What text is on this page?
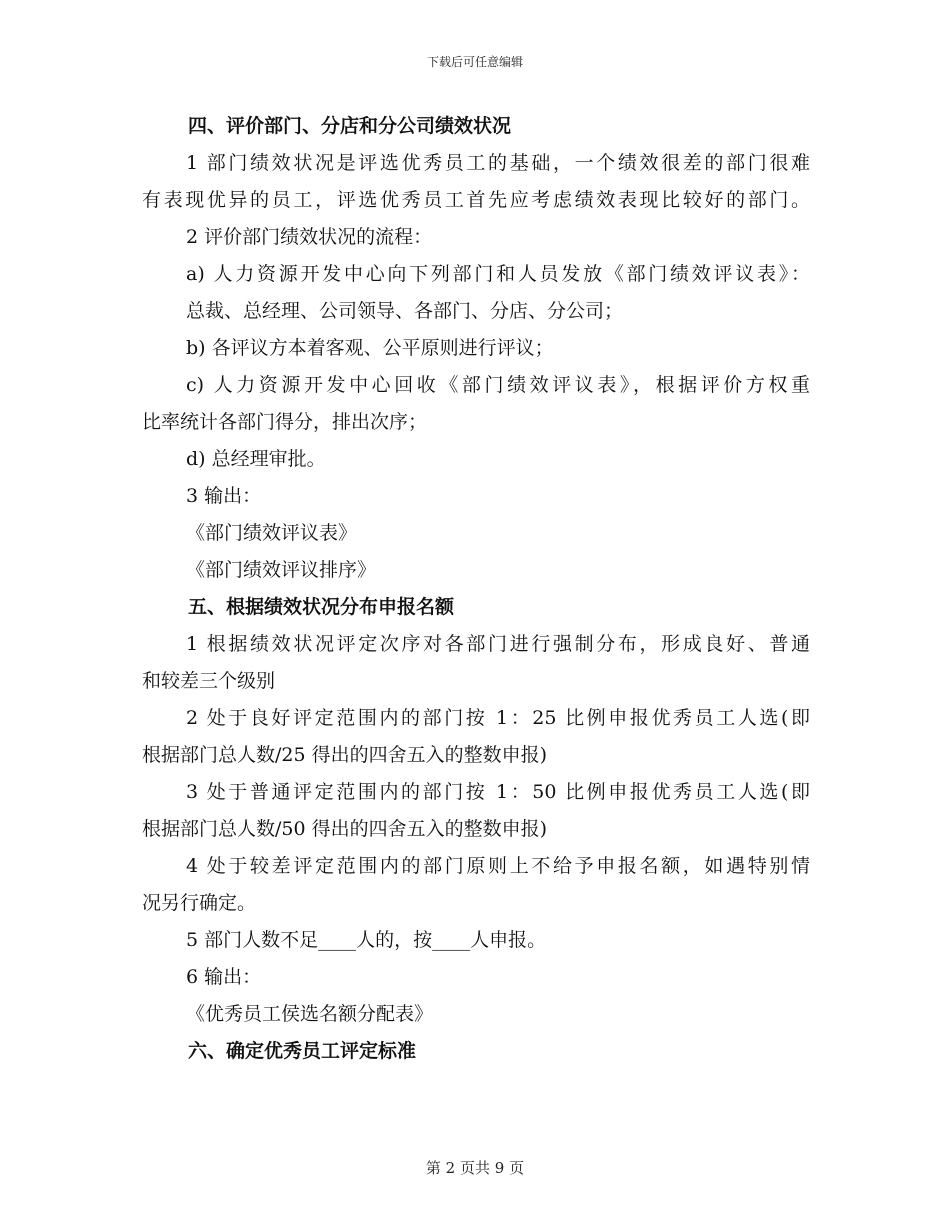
下载后可任意编辑
四、评价部门、分店和分公司绩效状况
1 部门绩效状况是评选优秀员工的基础，一个绩效很差的部门很难
有表现优异的员工，评选优秀员工首先应考虑绩效表现比较好的部门。
2 评价部门绩效状况的流程：
a) 人力资源开发中心向下列部门和人员发放《部门绩效评议表》：
总裁、总经理、公司领导、各部门、分店、分公司；
b) 各评议方本着客观、公平原则进行评议；
c) 人力资源开发中心回收《部门绩效评议表》，根据评价方权重
比率统计各部门得分，排出次序；
d) 总经理审批。
3 输出：
《部门绩效评议表》
《部门绩效评议排序》
五、根据绩效状况分布申报名额
1 根据绩效状况评定次序对各部门进行强制分布，形成良好、普通
和较差三个级别
2 处于良好评定范围内的部门按 1：25 比例申报优秀员工人选(即
根据部门总人数/25 得出的四舍五入的整数申报)
3 处于普通评定范围内的部门按 1：50 比例申报优秀员工人选(即
根据部门总人数/50 得出的四舍五入的整数申报)
4 处于较差评定范围内的部门原则上不给予申报名额，如遇特别情
况另行确定。
5 部门人数不足____人的，按____人申报。
6 输出：
《优秀员工侯选名额分配表》
六、确定优秀员工评定标准
第 2 页共 9 页
